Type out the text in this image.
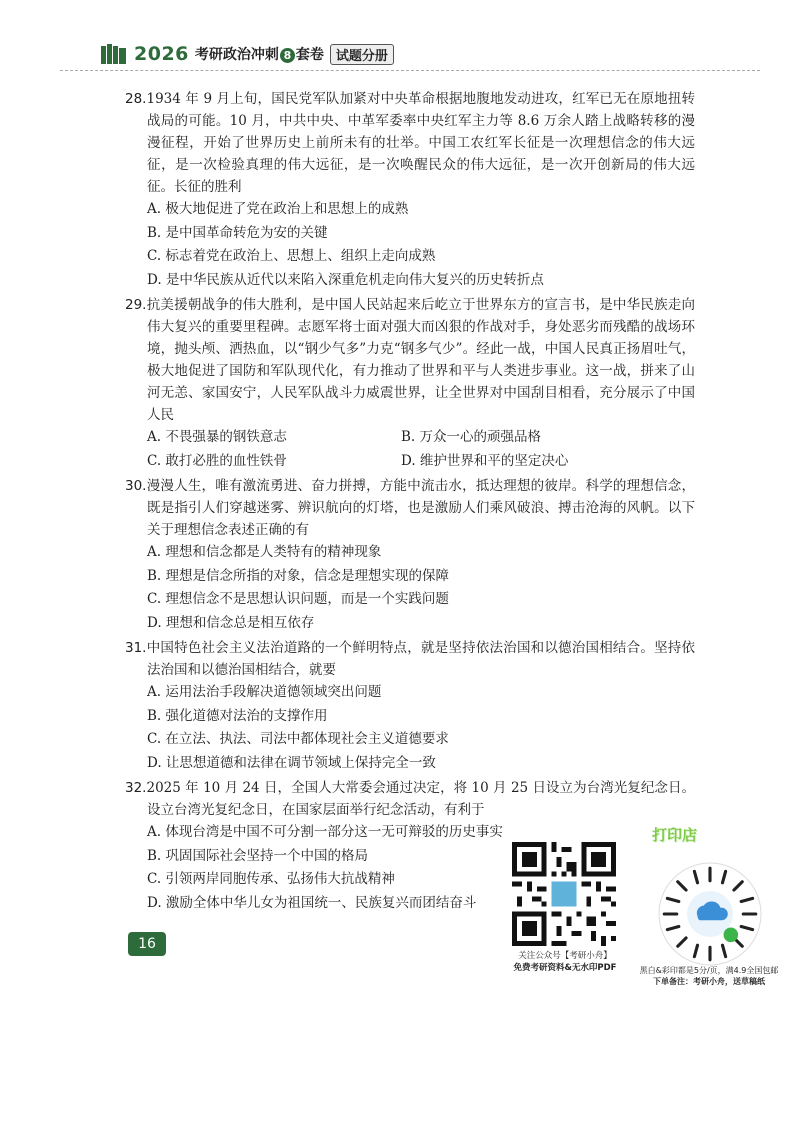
2026 考研政治冲刺 8 套卷 试题分册
28.1934 年 9 月上旬，国民党军队加紧对中央革命根据地腹地发动进攻，红军已无在原地扭转战局的可能。10 月，中共中央、中革军委率中央红军主力等 8.6 万余人踏上战略转移的漫漫征程，开始了世界历史上前所未有的壮举。中国工农红军长征是一次理想信念的伟大远征，是一次检验真理的伟大远征，是一次唤醒民众的伟大远征，是一次开创新局的伟大远征。长征的胜利
A. 极大地促进了党在政治上和思想上的成熟
B. 是中国革命转危为安的关键
C. 标志着党在政治上、思想上、组织上走向成熟
D. 是中华民族从近代以来陷入深重危机走向伟大复兴的历史转折点
29.抗美援朝战争的伟大胜利，是中国人民站起来后屹立于世界东方的宣言书，是中华民族走向伟大复兴的重要里程碑。志愿军将士面对强大而凶狠的作战对手，身处恶劣而残酷的战场环境，抛头颅、洒热血，以“钢少气多”力克“钢多气少”。经此一战，中国人民真正扬眉吐气，极大地促进了国防和军队现代化，有力推动了世界和平与人类进步事业。这一战，拼来了山河无恙、家国安宁，人民军队战斗力威震世界，让全世界对中国刮目相看，充分展示了中国人民
A. 不畏强暴的钢铁意志	B. 万众一心的顽强品格
C. 敢打必胜的血性铁骨	D. 维护世界和平的坚定决心
30.漫漫人生，唯有激流勇进、奋力拼搏，方能中流击水，抵达理想的彼岸。科学的理想信念，既是指引人们穿越迷雾、辨识航向的灯塔，也是激励人们乘风破浪、搏击沧海的风帆。以下关于理想信念表述正确的有
A. 理想和信念都是人类特有的精神现象
B. 理想是信念所指的对象，信念是理想实现的保障
C. 理想信念不是思想认识问题，而是一个实践问题
D. 理想和信念总是相互依存
31.中国特色社会主义法治道路的一个鲜明特点，就是坚持依法治国和以德治国相结合。坚持依法治国和以德治国相结合，就要
A. 运用法治手段解决道德领域突出问题
B. 强化道德对法治的支撑作用
C. 在立法、执法、司法中都体现社会主义道德要求
D. 让思想道德和法律在调节领域上保持完全一致
32.2025 年 10 月 24 日，全国人大常委会通过决定，将 10 月 25 日设立为台湾光复纪念日。设立台湾光复纪念日，在国家层面举行纪念活动，有利于
A. 体现台湾是中国不可分割一部分这一无可辩驳的历史事实
B. 巩固国际社会坚持一个中国的格局
C. 引领两岸同胞传承、弘扬伟大抗战精神
D. 激励全体中华儿女为祖国统一、民族复兴而团结奋斗
16
关注公众号【考研小舟】
免费考研资料&无水印PDF
打印店
黑白&彩印都是5分/页，满4.9全国包邮
下单备注：考研小舟，送草稿纸
